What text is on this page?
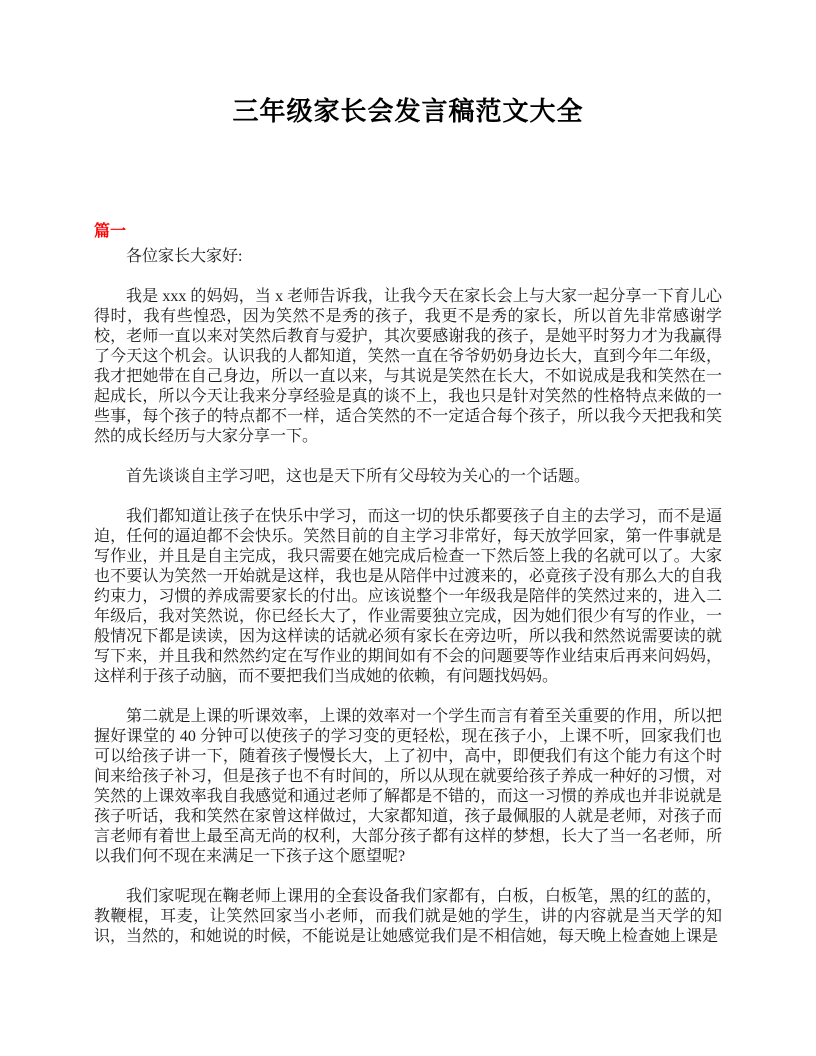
三年级家长会发言稿范文大全
篇一
各位家长大家好:

我是 xxx 的妈妈，当 x 老师告诉我，让我今天在家长会上与大家一起分享一下育儿心得时，我有些惶恐，因为笑然不是秀的孩子，我更不是秀的家长，所以首先非常感谢学校，老师一直以来对笑然后教育与爱护，其次要感谢我的孩子，是她平时努力才为我赢得了今天这个机会。认识我的人都知道，笑然一直在爷爷奶奶身边长大，直到今年二年级，我才把她带在自己身边，所以一直以来，与其说是笑然在长大，不如说成是我和笑然在一起成长，所以今天让我来分享经验是真的谈不上，我也只是针对笑然的性格特点来做的一些事，每个孩子的特点都不一样，适合笑然的不一定适合每个孩子，所以我今天把我和笑然的成长经历与大家分享一下。

首先谈谈自主学习吧，这也是天下所有父母较为关心的一个话题。

我们都知道让孩子在快乐中学习，而这一切的快乐都要孩子自主的去学习，而不是逼迫，任何的逼迫都不会快乐。笑然目前的自主学习非常好，每天放学回家，第一件事就是写作业，并且是自主完成，我只需要在她完成后检查一下然后签上我的名就可以了。大家也不要认为笑然一开始就是这样，我也是从陪伴中过渡来的，必竟孩子没有那么大的自我约束力，习惯的养成需要家长的付出。应该说整个一年级我是陪伴的笑然过来的，进入二年级后，我对笑然说，你已经长大了，作业需要独立完成，因为她们很少有写的作业，一般情况下都是读读，因为这样读的话就必须有家长在旁边听，所以我和然然说需要读的就写下来，并且我和然然约定在写作业的期间如有不会的问题要等作业结束后再来问妈妈，这样利于孩子动脑，而不要把我们当成她的依赖，有问题找妈妈。

第二就是上课的听课效率，上课的效率对一个学生而言有着至关重要的作用，所以把握好课堂的 40 分钟可以使孩子的学习变的更轻松，现在孩子小，上课不听，回家我们也可以给孩子讲一下，随着孩子慢慢长大，上了初中，高中，即便我们有这个能力有这个时间来给孩子补习，但是孩子也不有时间的，所以从现在就要给孩子养成一种好的习惯，对笑然的上课效率我自我感觉和通过老师了解都是不错的，而这一习惯的养成也并非说就是孩子听话，我和笑然在家曾这样做过，大家都知道，孩子最佩服的人就是老师，对孩子而言老师有着世上最至高无尚的权利，大部分孩子都有这样的梦想，长大了当一名老师，所以我们何不现在来满足一下孩子这个愿望呢?

我们家呢现在鞠老师上课用的全套设备我们家都有，白板，白板笔，黑的红的蓝的，教鞭棍，耳麦，让笑然回家当小老师，而我们就是她的学生，讲的内容就是当天学的知识，当然的，和她说的时候，不能说是让她感觉我们是不相信她，每天晚上检查她上课是
